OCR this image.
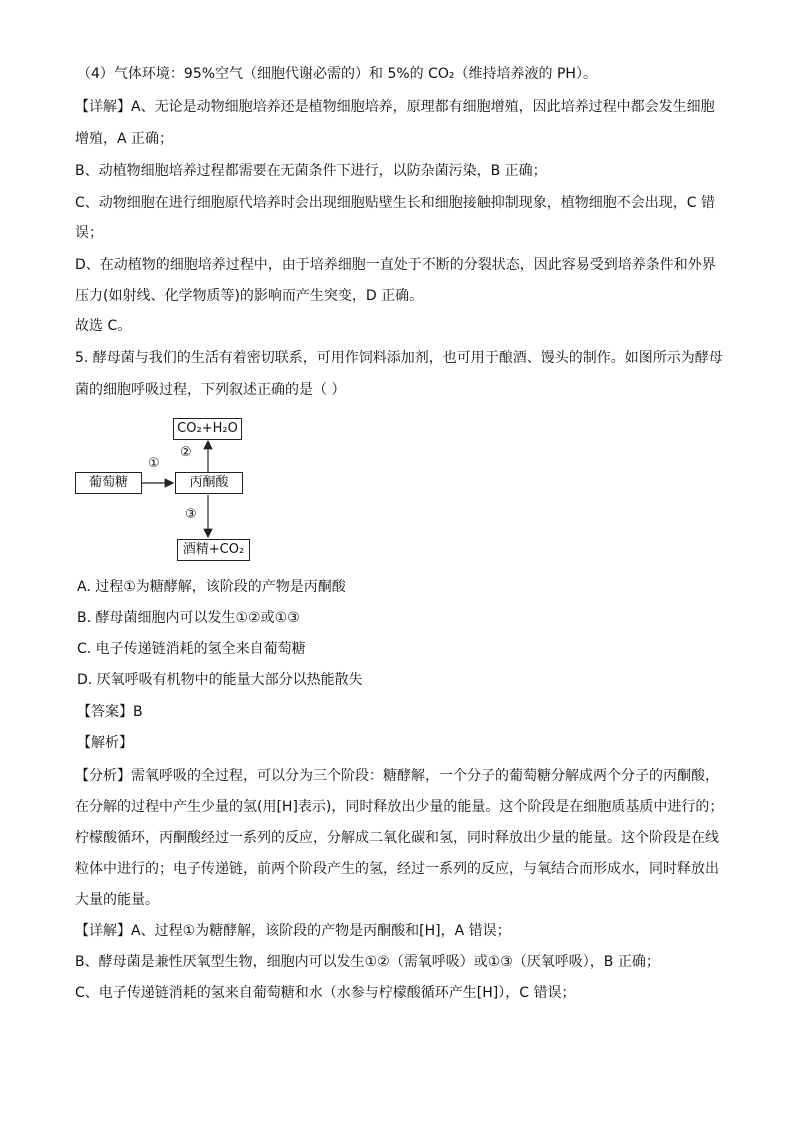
（4）气体环境：95%空气（细胞代谢必需的）和 5%的 CO₂（维持培养液的 PH）。
【详解】A、无论是动物细胞培养还是植物细胞培养，原理都有细胞增殖，因此培养过程中都会发生细胞
增殖，A 正确；
B、动植物细胞培养过程都需要在无菌条件下进行，以防杂菌污染，B 正确；
C、动物细胞在进行细胞原代培养时会出现细胞贴壁生长和细胞接触抑制现象，植物细胞不会出现，C 错
误；
D、在动植物的细胞培养过程中，由于培养细胞一直处于不断的分裂状态，因此容易受到培养条件和外界
压力(如射线、化学物质等)的影响而产生突变，D 正确。
故选 C。
5. 酵母菌与我们的生活有着密切联系，可用作饲料添加剂，也可用于酿酒、馒头的制作。如图所示为酵母
菌的细胞呼吸过程，下列叙述正确的是（ ）
CO₂+H₂O
葡萄糖	丙酮酸
酒精+CO₂
①
②
③
A. 过程①为糖酵解，该阶段的产物是丙酮酸
B. 酵母菌细胞内可以发生①②或①③
C. 电子传递链消耗的氢全来自葡萄糖
D. 厌氧呼吸有机物中的能量大部分以热能散失
【答案】B
【解析】
【分析】需氧呼吸的全过程，可以分为三个阶段：糖酵解，一个分子的葡萄糖分解成两个分子的丙酮酸，
在分解的过程中产生少量的氢(用[H]表示)，同时释放出少量的能量。这个阶段是在细胞质基质中进行的；
柠檬酸循环，丙酮酸经过一系列的反应，分解成二氧化碳和氢，同时释放出少量的能量。这个阶段是在线
粒体中进行的；电子传递链，前两个阶段产生的氢，经过一系列的反应，与氧结合而形成水，同时释放出
大量的能量。
【详解】A、过程①为糖酵解，该阶段的产物是丙酮酸和[H]，A 错误；
B、酵母菌是兼性厌氧型生物，细胞内可以发生①②（需氧呼吸）或①③（厌氧呼吸），B 正确；
C、电子传递链消耗的氢来自葡萄糖和水（水参与柠檬酸循环产生[H]），C 错误；
